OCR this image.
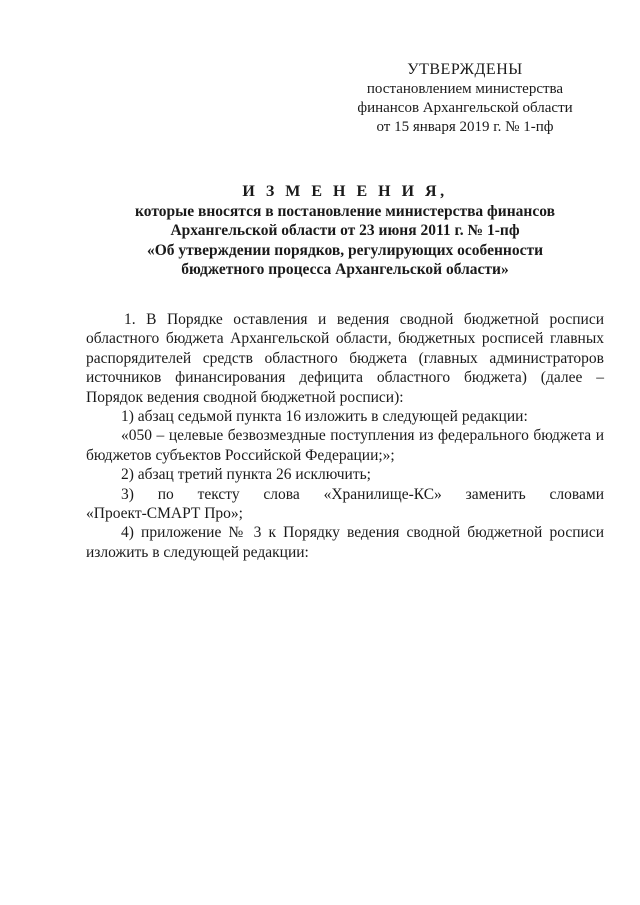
УТВЕРЖДЕНЫ
постановлением министерства
финансов Архангельской области
от 15 января 2019 г. № 1-пф
И З М Е Н Е Н И Я,
которые вносятся в постановление министерства финансов
Архангельской области от 23 июня 2011 г. № 1-пф
«Об утверждении порядков, регулирующих особенности
бюджетного процесса Архангельской области»

1. В Порядке оставления и ведения сводной бюджетной росписи областного бюджета Архангельской области, бюджетных росписей главных распорядителей средств областного бюджета (главных администраторов источников финансирования дефицита областного бюджета) (далее – Порядок ведения сводной бюджетной росписи):

1) абзац седьмой пункта 16 изложить в следующей редакции:

«050 – целевые безвозмездные поступления из федерального бюджета и бюджетов субъектов Российской Федерации;»;

2) абзац третий пункта 26 исключить;

3) по тексту слова «Хранилище-КС» заменить словами

«Проект-СМАРТ Про»;

4) приложение № 3 к Порядку ведения сводной бюджетной росписи изложить в следующей редакции:
